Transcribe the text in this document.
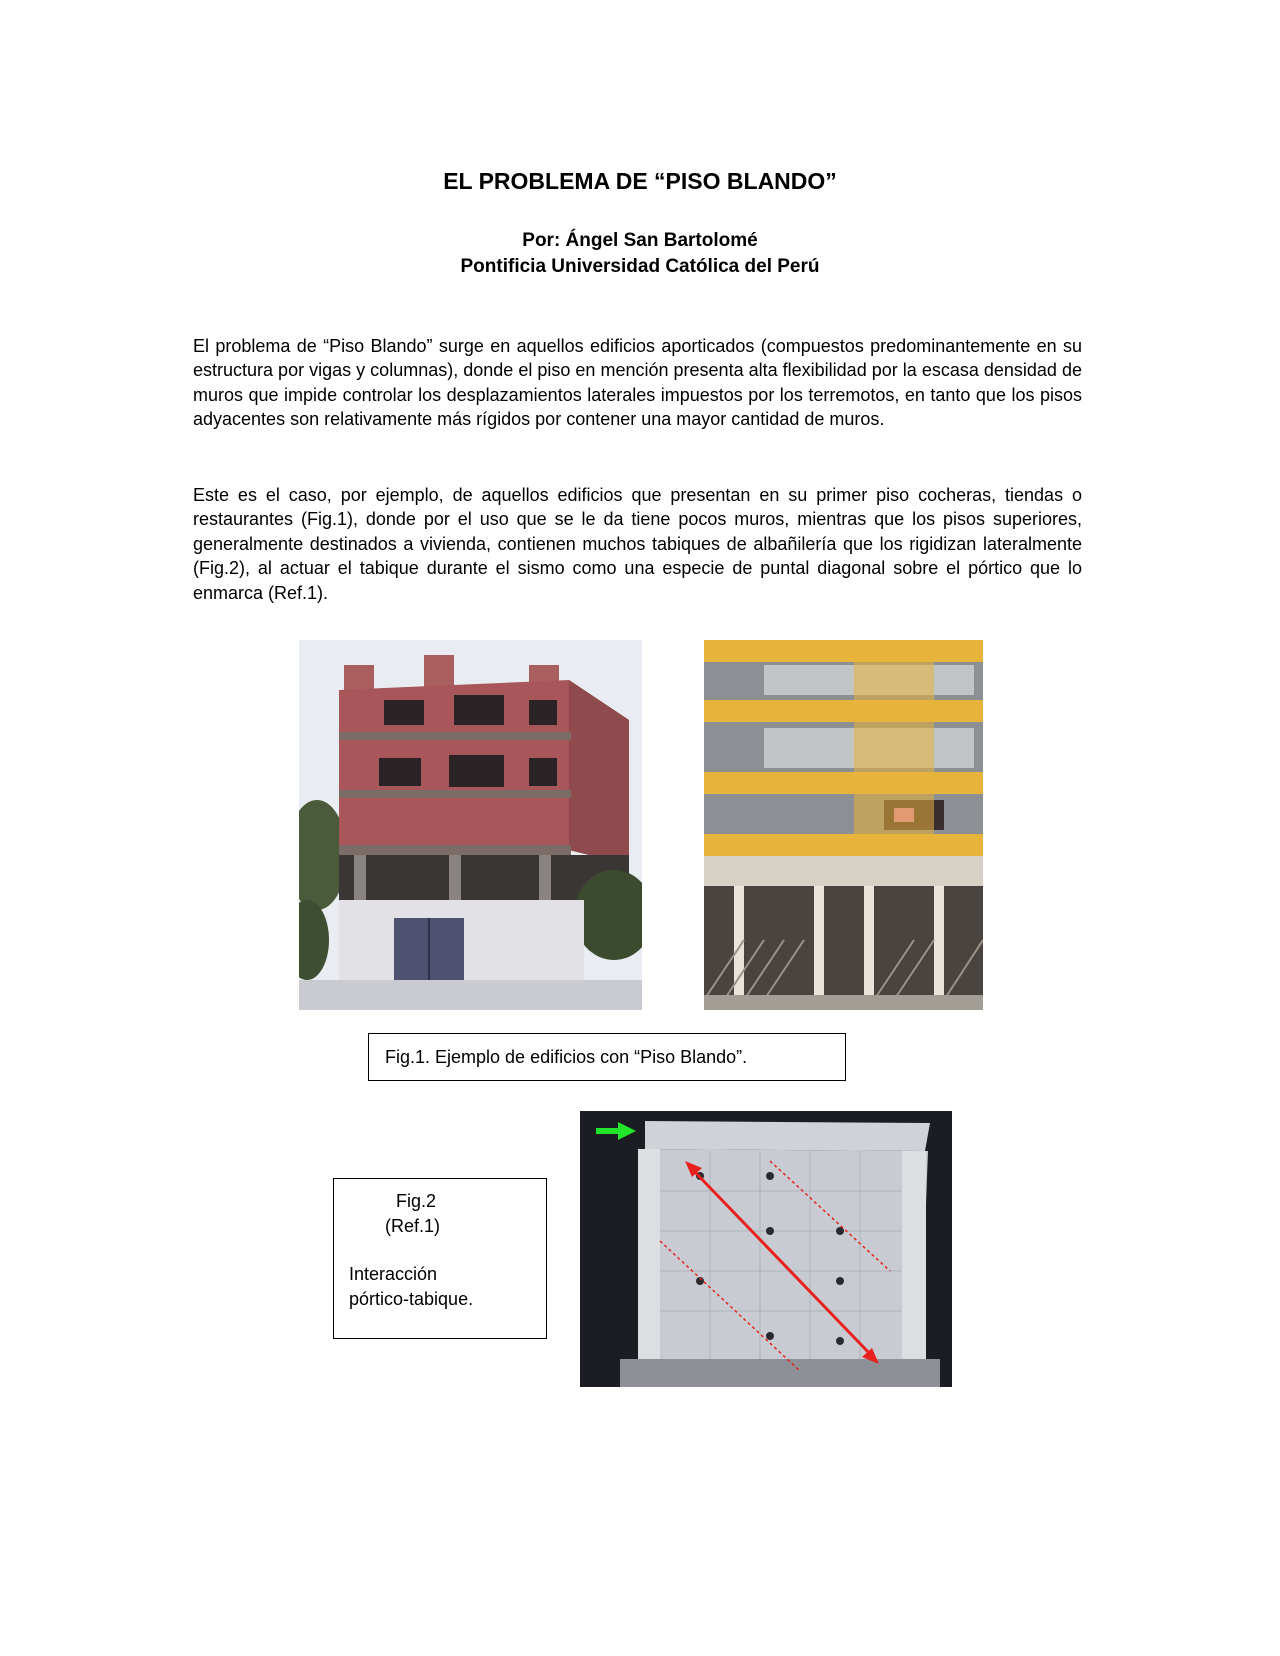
EL PROBLEMA DE “PISO BLANDO”
Por: Ángel San Bartolomé
Pontificia Universidad Católica del Perú

El problema de “Piso Blando” surge en aquellos edificios aporticados (compuestos predominantemente en su estructura por vigas y columnas), donde el piso en mención presenta alta flexibilidad por la escasa densidad de muros que impide controlar los desplazamientos laterales impuestos por los terremotos, en tanto que los pisos adyacentes son relativamente más rígidos por contener una mayor cantidad de muros.

Este es el caso, por ejemplo, de aquellos edificios que presentan en su primer piso cocheras, tiendas o restaurantes (Fig.1), donde por el uso que se le da tiene pocos muros, mientras que los pisos superiores, generalmente destinados a vivienda, contienen muchos tabiques de albañilería que los rigidizan lateralmente (Fig.2), al actuar el tabique durante el sismo como una especie de puntal diagonal sobre el pórtico que lo enmarca (Ref.1).

Fig.1. Ejemplo de edificios con “Piso Blando”.
Fig.2
(Ref.1)
Interacción
pórtico-tabique.
